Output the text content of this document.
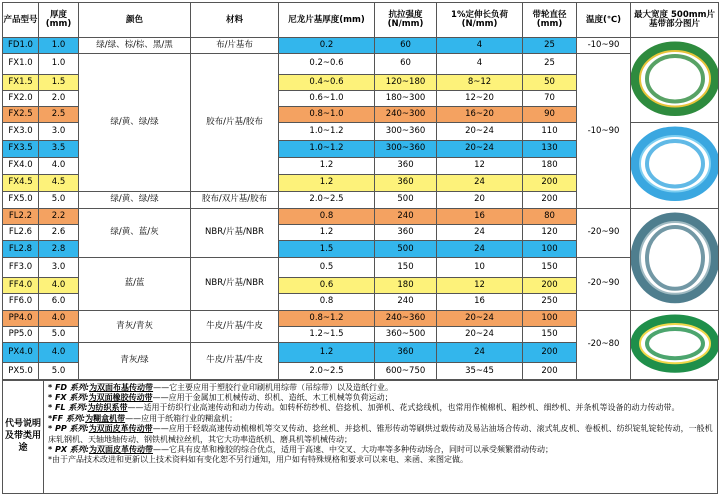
产品型号	厚度(mm)	颜色	材料	尼龙片基厚度(mm)	抗拉强度(N/mm)	1%定伸长负荷(N/mm)	带轮直径(mm)	温度(℃)	最大宽度 500mm片基带部分图片
FD1.0	1.0	绿/绿、棕/棕、黑/黑	布/片基布	0.2	60	4	25	-10~90	
FX1.0	1.0	绿/黄、绿/绿	胶布/片基/胶布	0.2~0.6	60	4	25	-10~90	
FX1.5	1.5			0.4~0.6	120~180	8~12	50		
FX2.0	2.0			0.6~1.0	180~300	12~20	70		
FX2.5	2.5			0.8~1.0	240~300	16~20	90		
FX3.0	3.0			1.0~1.2	300~360	20~24	110	
FX3.5	3.5			1.0~1.2	300~360	20~24	130		
FX4.0	4.0			1.2	360	12	180		
FX4.5	4.5			1.2	360	24	200		
FX5.0	5.0	绿/黄、绿/绿	胶布/双片基/胶布	2.0~2.5	500	20	200		
FL2.2	2.2	绿/黄、蓝/灰	NBR/片基/NBR	0.8	240	16	80	-20~90	
FL2.6	2.6			1.2	360	24	120		
FL2.8	2.8			1.5	500	24	100		
FF3.0	3.0	蓝/蓝	NBR/片基/NBR	0.5	150	10	150	-20~90	
FF4.0	4.0			0.6	180	12	200		
FF6.0	6.0			0.8	240	16	250		
PP4.0	4.0	青灰/青灰	牛皮/片基/牛皮	0.8~1.2	240~360	20~24	100	-20~80	
PP5.0	5.0			1.2~1.5	360~500	20~24	150		
PX4.0	4.0	青灰/绿	牛皮/片基/牛皮	1.2	360	24	200		
PX5.0	5.0			2.0~2.5	600~750	35~45	200		
代号说明及带类用途	
* FD 系列:为双面布基传动带——它主要应用于塑胶行业印刷机用综带（吊综带）以及造纸行业。
* FX 系列:为双面橡胶传动带——应用于金属加工机械传动、织机、造纸、木工机械等负荷运动；
* FL 系列:为纺织系带——适用于纺织行业高速传动和动力传动。如转杯纺纱机、倍捻机、加弹机、花式捻线机，也常用作梳棉机、粗纱机、细纱机、并条机等设备的动力传动带。
*FF 系列:为糊盒机带——应用于纸箱行业的糊盒机；
* PP 系列:为双面皮革传动带——应用于轻载高速传动梳棉机等交叉传动、捻丝机、并捻机、锥形传动等刷烘过载传动及易沾油场合传动、滚式轧皮机、卷板机、纺织锭轧锭轮传动，一般机床轧钢机、天轴地轴传动、钢铁机械拉丝机，其它大功率造纸机、磨具机等机械传动；
* PX 系列:为双面皮革传动带——它具有皮革和橡胶的综合优点，适用于高速、中交叉、大功率等多种传动场合，同时可以承受频繁滑动传动；
*由于产品技术改进和更新以上技术资料如有变化恕不另行通知，用户如有特殊规格和要求可以来电、来函、来图定做。
